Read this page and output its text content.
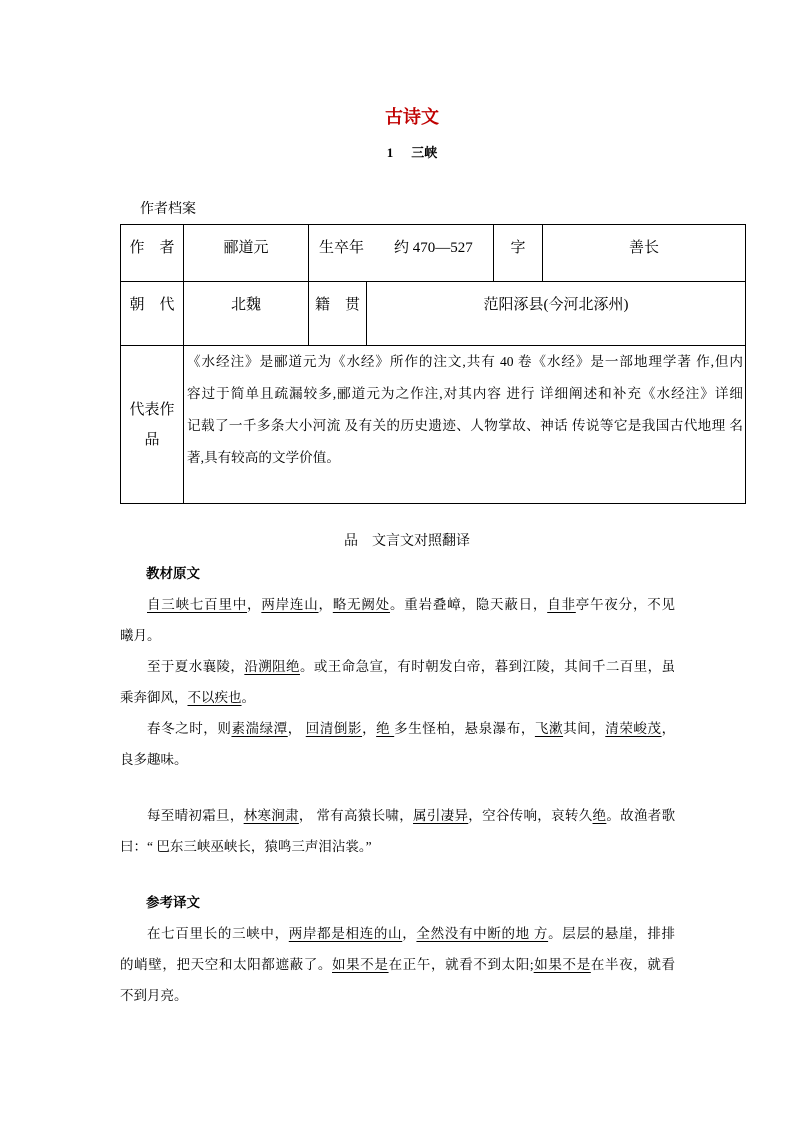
古诗文
1 三峡
作者档案
作　者	郦道元	生卒年 约 470—527		字	善长
朝　代	北魏	籍　贯	范阳涿县(今河北涿州)		
代表作品	《水经注》是郦道元为《水经》所作的注文,共有 40 卷《水经》是一部地理学著 作,但内
容过于简单且疏漏较多,郦道元为之作注,对其内容 进行 详细阐述和补充《水经注》详细
记载了一千多条大小河流 及有关的历史遗迹、人物掌故、神话 传说等它是我国古代地理 名
著,具有较高的文学价值。				
品　文言文对照翻译
教材原文
自三峡七百里中，两岸连山，略无阙处。重岩叠嶂，隐天蔽日，自非亭午夜分，不见
曦月。
至于夏水襄陵，沿溯阻绝。或王命急宣，有时朝发白帝，暮到江陵，其间千二百里，虽
乘奔御风，不以疾也。
春冬之时，则素湍绿潭， 回清倒影，绝 多生怪柏，悬泉瀑布，飞漱其间，清荣峻茂，
良多趣味。
每至晴初霜旦，林寒涧肃， 常有高猿长啸，属引凄异，空谷传响，哀转久绝。故渔者歌
曰：“ 巴东三峡巫峡长，猿鸣三声泪沾裳。”
参考译文
在七百里长的三峡中，两岸都是相连的山，全然没有中断的地 方。层层的悬崖，排排
的峭壁，把天空和太阳都遮蔽了。如果不是在正午，就看不到太阳;如果不是在半夜，就看
不到月亮。
